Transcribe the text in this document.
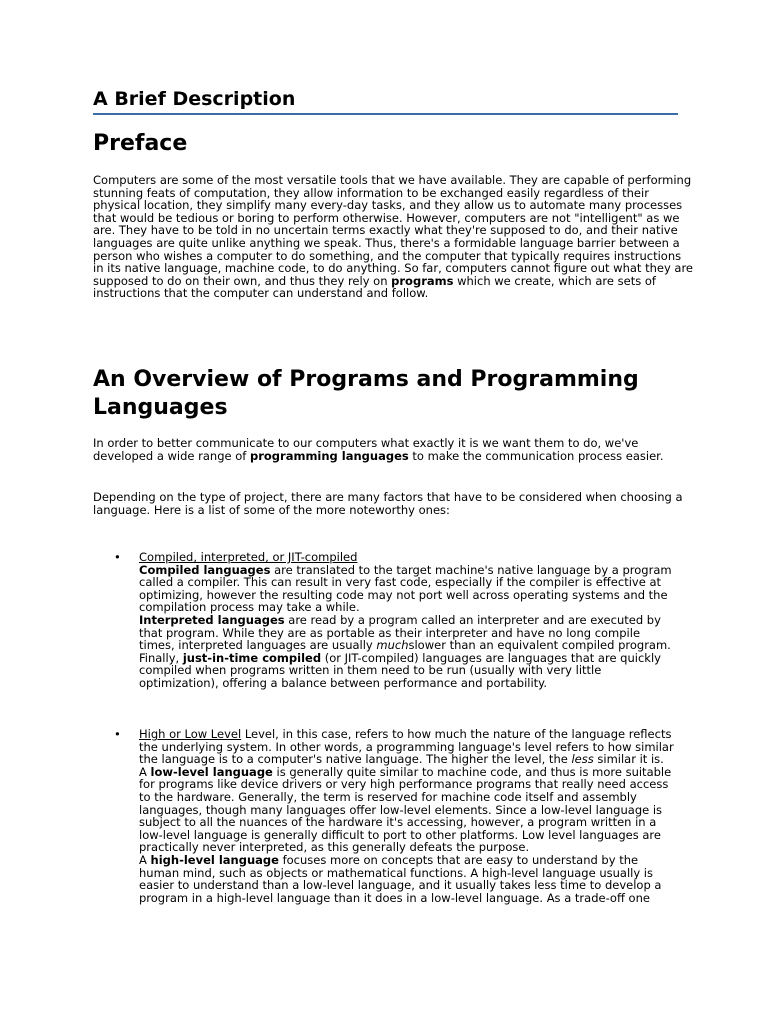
A Brief Description
Preface

Computers are some of the most versatile tools that we have available. They are capable of performing stunning feats of computation, they allow information to be exchanged easily regardless of their physical location, they simplify many every-day tasks, and they allow us to automate many processes that would be tedious or boring to perform otherwise. However, computers are not "intelligent" as we are. They have to be told in no uncertain terms exactly what they're supposed to do, and their native languages are quite unlike anything we speak. Thus, there's a formidable language barrier between a person who wishes a computer to do something, and the computer that typically requires instructions in its native language, machine code, to do anything. So far, computers cannot figure out what they are supposed to do on their own, and thus they rely on programs which we create, which are sets of instructions that the computer can understand and follow.

An Overview of Programs and Programming Languages

In order to better communicate to our computers what exactly it is we want them to do, we've developed a wide range of programming languages to make the communication process easier.

Depending on the type of project, there are many factors that have to be considered when choosing a language. Here is a list of some of the more noteworthy ones:

• Compiled, interpreted, or JIT-compiled
Compiled languages are translated to the target machine's native language by a program called a compiler. This can result in very fast code, especially if the compiler is effective at optimizing, however the resulting code may not port well across operating systems and the compilation process may take a while.
Interpreted languages are read by a program called an interpreter and are executed by that program. While they are as portable as their interpreter and have no long compile times, interpreted languages are usually muchslower than an equivalent compiled program.
Finally, just-in-time compiled (or JIT-compiled) languages are languages that are quickly compiled when programs written in them need to be run (usually with very little optimization), offering a balance between performance and portability.
• High or Low Level Level, in this case, refers to how much the nature of the language reflects the underlying system. In other words, a programming language's level refers to how similar the language is to a computer's native language. The higher the level, the less similar it is.
A low-level language is generally quite similar to machine code, and thus is more suitable for programs like device drivers or very high performance programs that really need access to the hardware. Generally, the term is reserved for machine code itself and assembly languages, though many languages offer low-level elements. Since a low-level language is subject to all the nuances of the hardware it's accessing, however, a program written in a low-level language is generally difficult to port to other platforms. Low level languages are practically never interpreted, as this generally defeats the purpose.
A high-level language focuses more on concepts that are easy to understand by the human mind, such as objects or mathematical functions. A high-level language usually is easier to understand than a low-level language, and it usually takes less time to develop a program in a high-level language than it does in a low-level language. As a trade-off one
